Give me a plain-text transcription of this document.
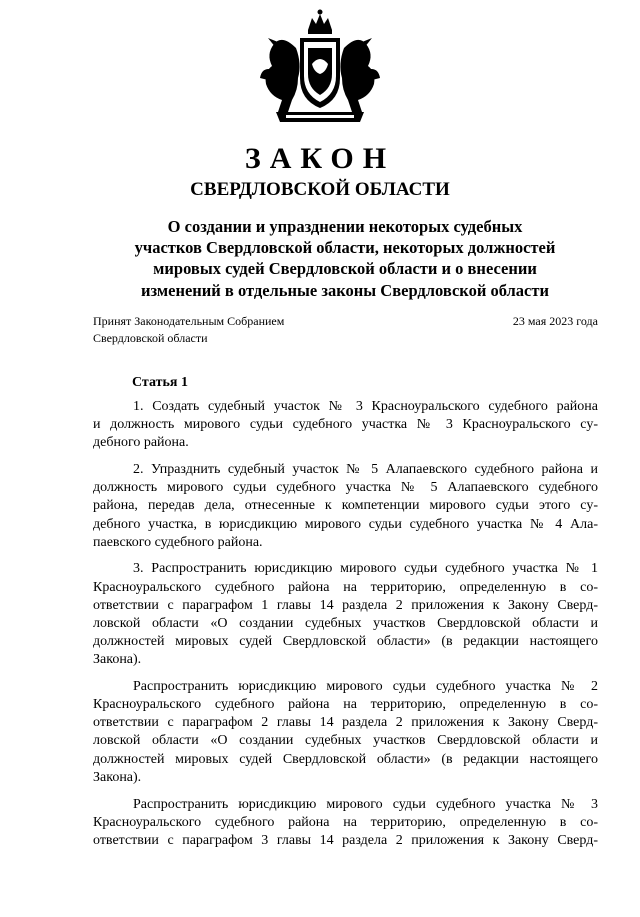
ЗАКОН
СВЕРДЛОВСКОЙ ОБЛАСТИ
О создании и упразднении некоторых судебных
участков Свердловской области, некоторых должностей
мировых судей Свердловской области и о внесении
изменений в отдельные законы Свердловской области
Принят Законодательным Собранием
Свердловской области
23 мая 2023 года
Статья 1

1. Создать судебный участок № 3 Красноуральского судебного района
и должность мирового судьи судебного участка № 3 Красноуральского су-
дебного района.

2. Упразднить судебный участок № 5 Алапаевского судебного района и
должность мирового судьи судебного участка № 5 Алапаевского судебного
района, передав дела, отнесенные к компетенции мирового судьи этого су-
дебного участка, в юрисдикцию мирового судьи судебного участка № 4 Ала-
паевского судебного района.

3. Распространить юрисдикцию мирового судьи судебного участка № 1
Красноуральского судебного района на территорию, определенную в со-
ответствии с параграфом 1 главы 14 раздела 2 приложения к Закону Сверд-
ловской области «О создании судебных участков Свердловской области и
должностей мировых судей Свердловской области» (в редакции настоящего
Закона).

Распространить юрисдикцию мирового судьи судебного участка № 2
Красноуральского судебного района на территорию, определенную в со-
ответствии с параграфом 2 главы 14 раздела 2 приложения к Закону Сверд-
ловской области «О создании судебных участков Свердловской области и
должностей мировых судей Свердловской области» (в редакции настоящего
Закона).

Распространить юрисдикцию мирового судьи судебного участка № 3
Красноуральского судебного района на территорию, определенную в со-
ответствии с параграфом 3 главы 14 раздела 2 приложения к Закону Сверд-
